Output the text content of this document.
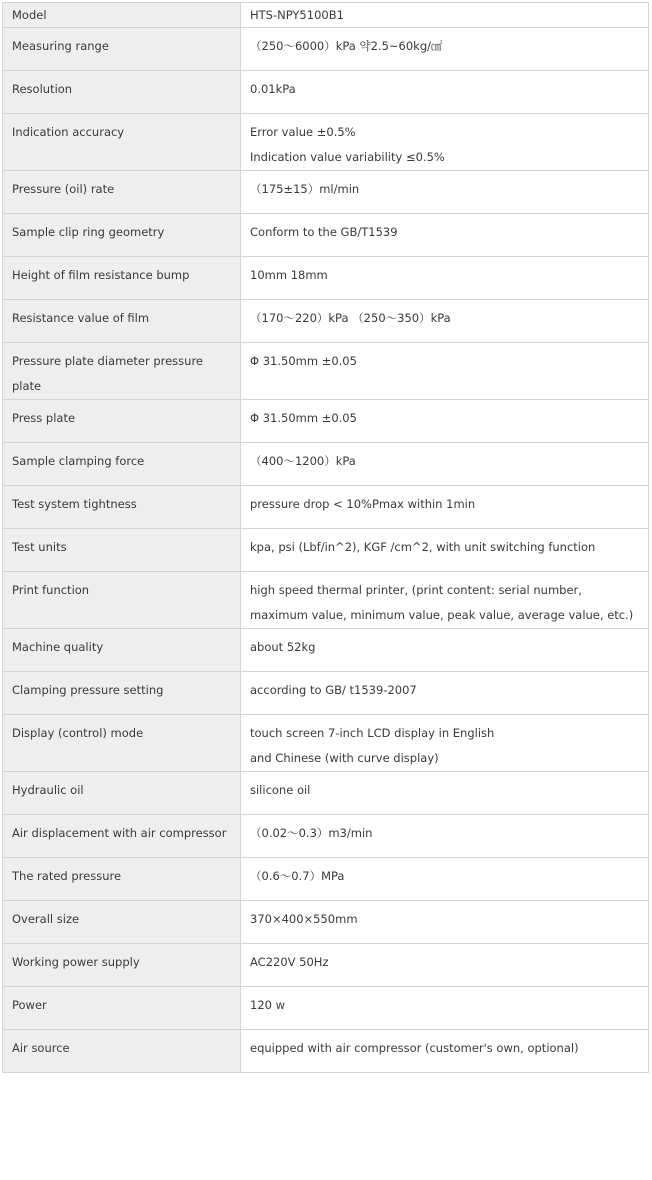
Model	HTS-NPY5100B1

Measuring range	（250～6000）kPa 약2.5~60kg/㎠

Resolution	0.01kPa

Indication accuracy	Error value ±0.5%
Indication value variability ≤0.5%

Pressure (oil) rate	（175±15）ml/min

Sample clip ring geometry	Conform to the GB/T1539

Height of film resistance bump	10mm 18mm

Resistance value of film	（170～220）kPa （250～350）kPa

Pressure plate diameter pressure plate	Φ 31.50mm ±0.05

Press plate	Φ 31.50mm ±0.05

Sample clamping force	（400～1200）kPa

Test system tightness	pressure drop < 10%Pmax within 1min

Test units	kpa, psi (Lbf/in^2), KGF /cm^2, with unit switching function

Print function	high speed thermal printer, (print content: serial number,
maximum value, minimum value, peak value, average value, etc.)

Machine quality	about 52kg

Clamping pressure setting	according to GB/ t1539-2007

Display (control) mode	touch screen 7-inch LCD display in English
and Chinese (with curve display)

Hydraulic oil	silicone oil

Air displacement with air compressor	（0.02～0.3）m3/min

The rated pressure	（0.6～0.7）MPa

Overall size	370×400×550mm

Working power supply	AC220V 50Hz

Power	120 w

Air source	equipped with air compressor (customer's own, optional)
